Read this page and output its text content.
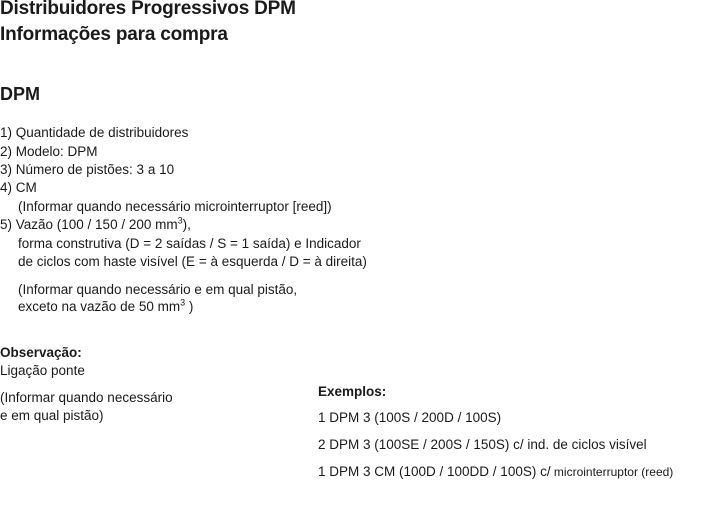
Distribuidores Progressivos DPM
Informações para compra
DPM
1) Quantidade de distribuidores
2) Modelo: DPM
3) Número de pistões: 3 a 10
4) CM
(Informar quando necessário microinterruptor [reed])
5) Vazão (100 / 150 / 200 $mm^3$),
forma construtiva (D = 2 saídas / S = 1 saída) e Indicador
de ciclos com haste visível (E = à esquerda / D = à direita)
(Informar quando necessário e em qual pistão,
exceto na vazão de 50 $mm^3$ )
Observação:
Ligação ponte
(Informar quando necessário
e em qual pistão)
Exemplos:
1 DPM 3 (100S / 200D / 100S)
2 DPM 3 (100SE / 200S / 150S) c/ ind. de ciclos visível
1 DPM 3 CM (100D / 100DD / 100S) c/ microinterruptor (reed)
